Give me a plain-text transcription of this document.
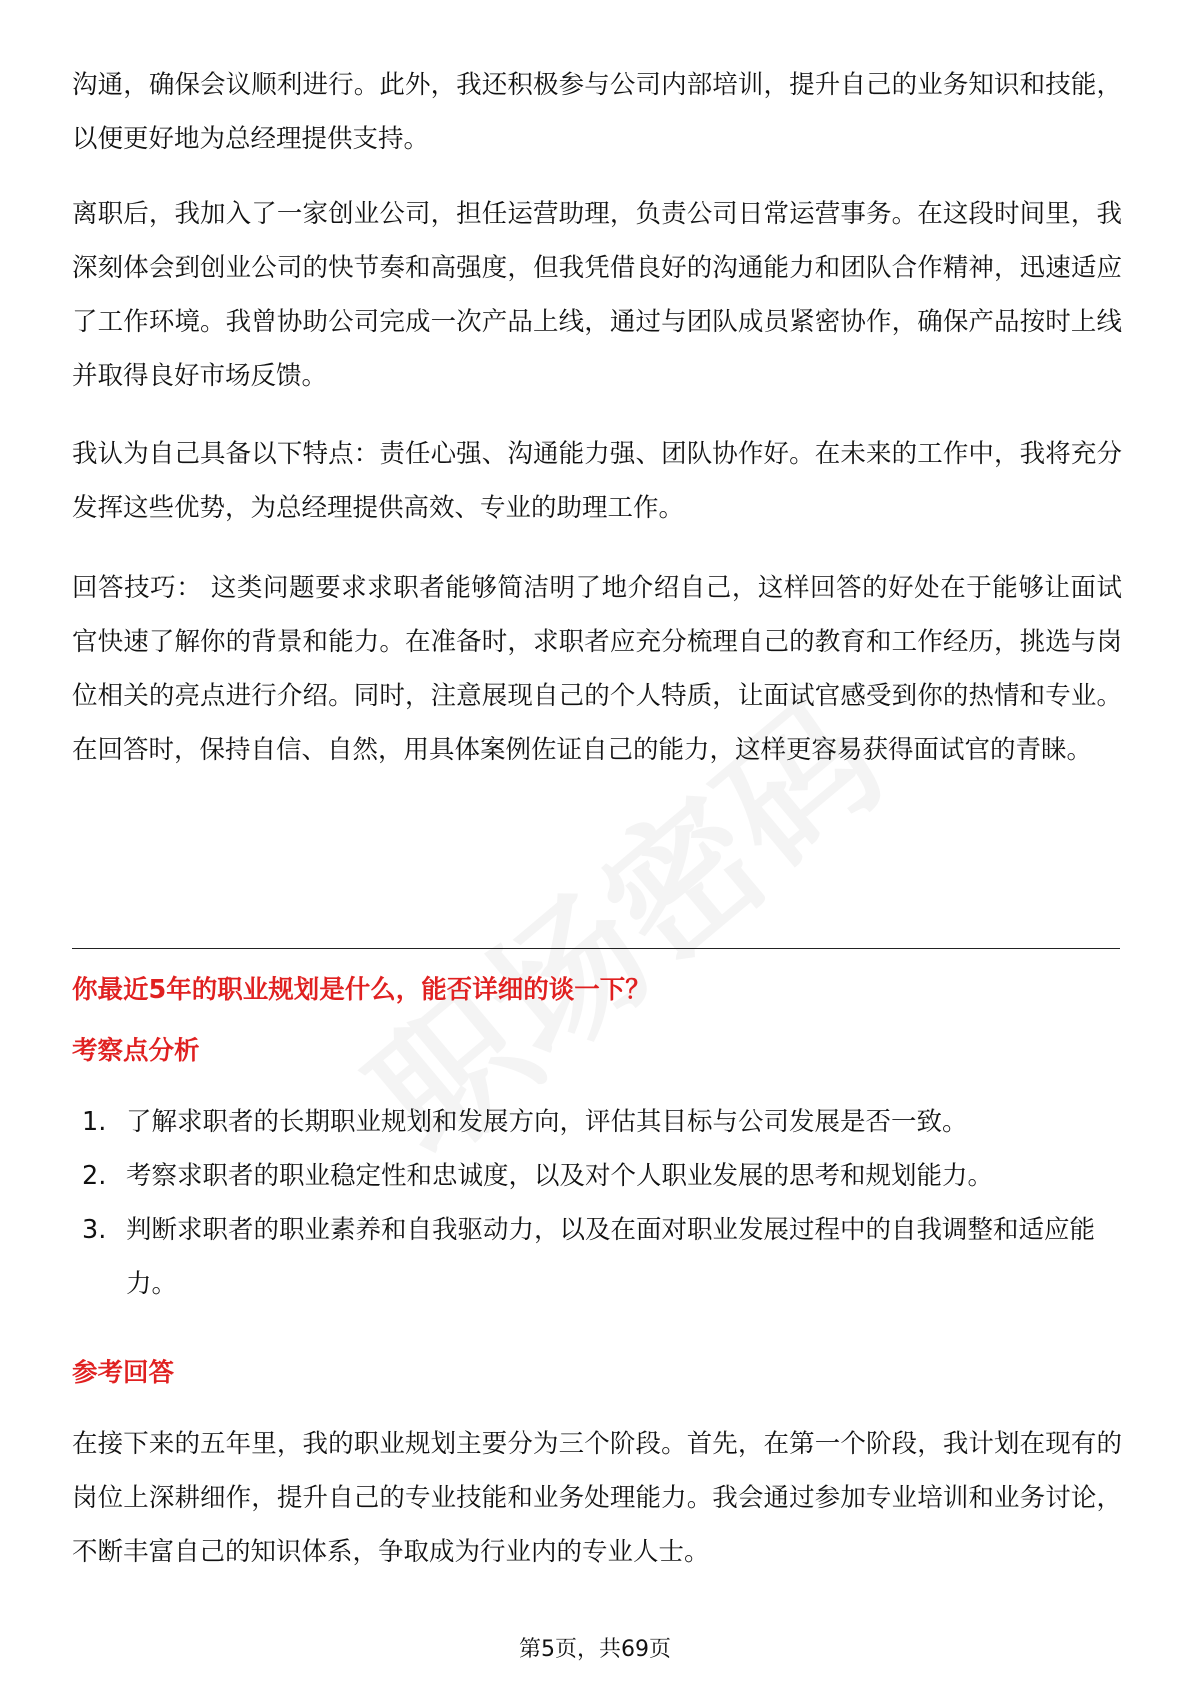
沟通，确保会议顺利进行。此外，我还积极参与公司内部培训，提升自己的业务知识和技能，以便更好地为总经理提供支持。

离职后，我加入了一家创业公司，担任运营助理，负责公司日常运营事务。在这段时间里，我深刻体会到创业公司的快节奏和高强度，但我凭借良好的沟通能力和团队合作精神，迅速适应了工作环境。我曾协助公司完成一次产品上线，通过与团队成员紧密协作，确保产品按时上线并取得良好市场反馈。

我认为自己具备以下特点：责任心强、沟通能力强、团队协作好。在未来的工作中，我将充分发挥这些优势，为总经理提供高效、专业的助理工作。

回答技巧： 这类问题要求求职者能够简洁明了地介绍自己，这样回答的好处在于能够让面试官快速了解你的背景和能力。在准备时，求职者应充分梳理自己的教育和工作经历，挑选与岗位相关的亮点进行介绍。同时，注意展现自己的个人特质，让面试官感受到你的热情和专业。在回答时，保持自信、自然，用具体案例佐证自己的能力，这样更容易获得面试官的青睐。

你最近5年的职业规划是什么，能否详细的谈一下？
考察点分析
1. 了解求职者的长期职业规划和发展方向，评估其目标与公司发展是否一致。
2. 考察求职者的职业稳定性和忠诚度，以及对个人职业发展的思考和规划能力。
3. 判断求职者的职业素养和自我驱动力，以及在面对职业发展过程中的自我调整和适应能力。
参考回答

在接下来的五年里，我的职业规划主要分为三个阶段。首先，在第一个阶段，我计划在现有的岗位上深耕细作，提升自己的专业技能和业务处理能力。我会通过参加专业培训和业务讨论，不断丰富自己的知识体系，争取成为行业内的专业人士。

第5页，共69页
